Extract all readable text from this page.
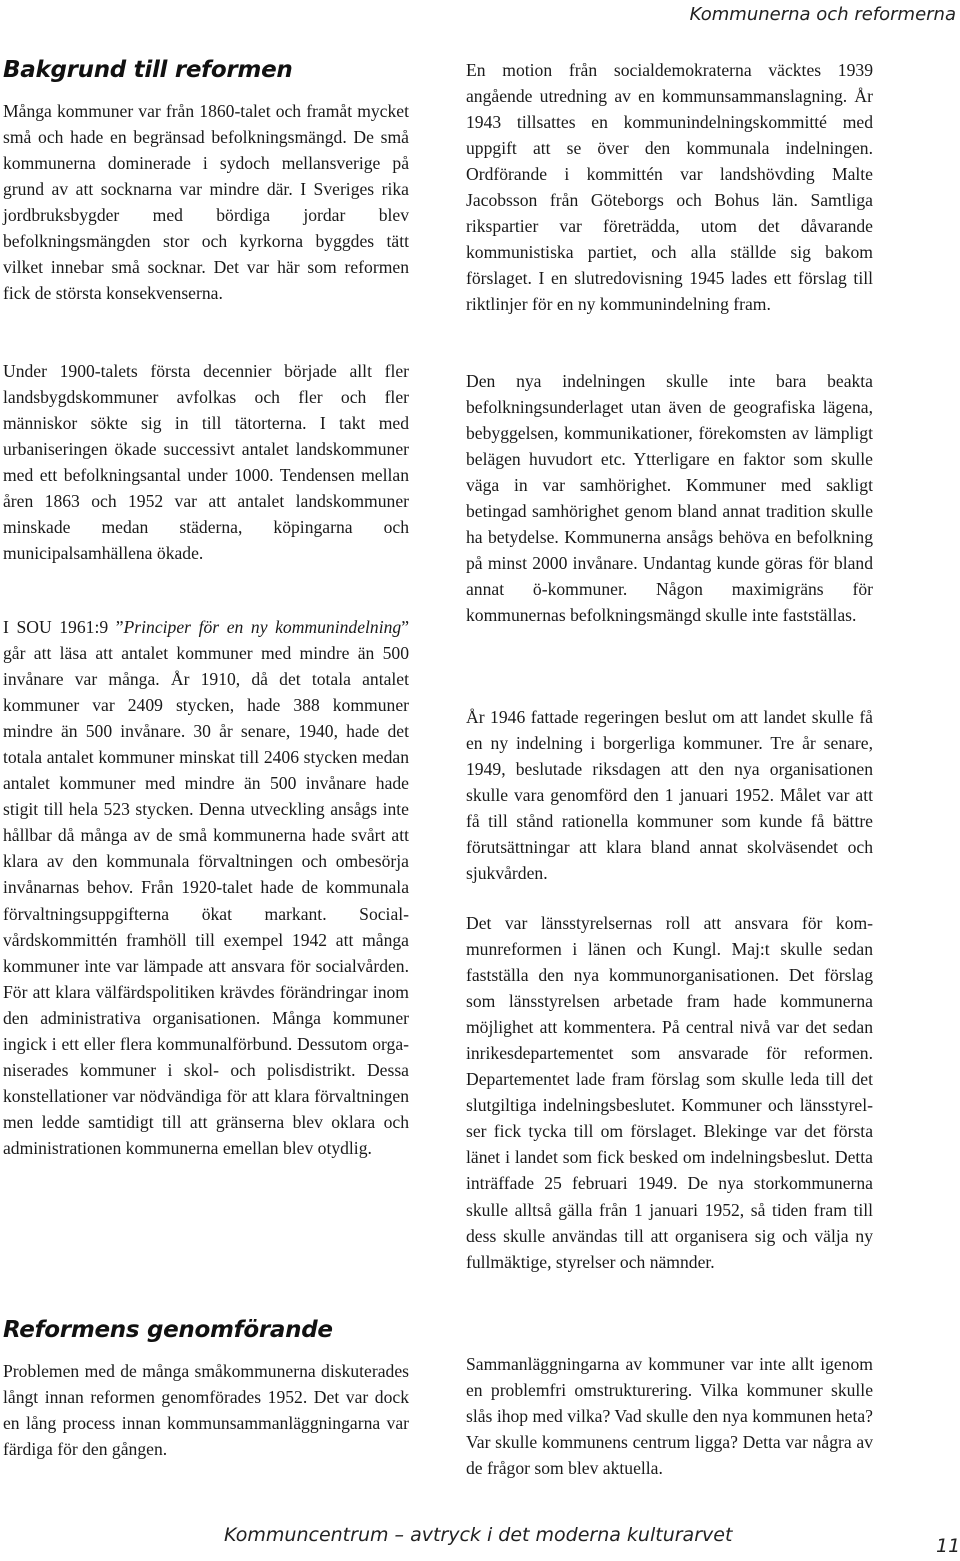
Kommunerna och reformerna
Bakgrund till reformen

Många kommuner var från 1860-talet och framåt mycket små och hade en begränsad befolkningsmängd. De små kommunerna dominerade i sydoch mellansverige på grund av att socknarna var mindre där. I Sveriges rika jordbruksbygder med bördiga jordar blev befolkningsmängden stor och kyrkorna byggdes tätt vilket innebar små socknar. Det var här som reformen fick de största konsekvenserna.

Under 1900-talets första decennier började allt fler landsbygdskommuner avfolkas och fler och fler människor sökte sig in till tätorterna. I takt med urbaniseringen ökade successivt antalet landskommuner med ett befolkningsantal under 1000. Tendensen mellan åren 1863 och 1952 var att antalet landskommuner minskade medan städerna, köpingarna och municipalsamhällena ökade.

I SOU 1961:9 ”Principer för en ny kommunindelning” går att läsa att antalet kommuner med mindre än 500 invånare var många. År 1910, då det totala antalet kommuner var 2409 stycken, hade 388 kommuner mindre än 500 invånare. 30 år senare, 1940, hade det totala antalet kommuner minskat till 2406 stycken medan antalet kommuner med mindre än 500 invånare hade stigit till hela 523 stycken. Denna utveckling ansågs inte hållbar då många av de små kommunerna hade svårt att klara av den kommunala förvaltningen och ombesörja invånarnas behov. Från 1920-talet hade de kommunala förvaltningsuppgifterna ökat markant. Socialvårdskommittén framhöll till exempel 1942 att många kommuner inte var lämpade att ansvara för socialvården. För att klara välfärdspolitiken krävdes förändringar inom den administrativa organisationen. Många kommuner ingick i ett eller flera kommunalförbund. Dessutom organiserades kommuner i skol- och polisdistrikt. Dessa konstellationer var nödvändiga för att klara förvaltningen men ledde samtidigt till att gränserna blev oklara och administrationen kommunerna emellan blev otydlig.

Reformens genomförande

Problemen med de många småkommunerna diskuterades långt innan reformen genomförades 1952. Det var dock en lång process innan kommunsammanläggningarna var färdiga för den gången.

En motion från socialdemokraterna väcktes 1939 angående utredning av en kommunsammanslagning. År 1943 tillsattes en kommunindelningskommitté med uppgift att se över den kommunala indelningen. Ordförande i kommittén var landshövding Malte Jacobsson från Göteborgs och Bohus län. Samtliga rikspartier var företrädda, utom det dåvarande kommunistiska partiet, och alla ställde sig bakom förslaget. I en slutredovisning 1945 lades ett förslag till riktlinjer för en ny kommunindelning fram.

Den nya indelningen skulle inte bara beakta befolkningsunderlaget utan även de geografiska lägena, bebyggelsen, kommunikationer, förekomsten av lämpligt belägen huvudort etc. Ytterligare en faktor som skulle väga in var samhörighet. Kommuner med sakligt betingad samhörighet genom bland annat tradition skulle ha betydelse. Kommunerna ansågs behöva en befolkning på minst 2000 invånare. Undantag kunde göras för bland annat ö-kommuner. Någon maximigräns för kommunernas befolkningsmängd skulle inte fastställas.

År 1946 fattade regeringen beslut om att landet skulle få en ny indelning i borgerliga kommuner. Tre år senare, 1949, beslutade riksdagen att den nya organisationen skulle vara genomförd den 1 januari 1952. Målet var att få till stånd rationella kommuner som kunde få bättre förutsättningar att klara bland annat skolväsendet och sjukvården.

Det var länsstyrelsernas roll att ansvara för kommunreformen i länen och Kungl. Maj:t skulle sedan fastställa den nya kommunorganisationen. Det förslag som länsstyrelsen arbetade fram hade kommunerna möjlighet att kommentera. På central nivå var det sedan inrikesdepartementet som ansvarade för reformen. Departementet lade fram förslag som skulle leda till det slutgiltiga indelningsbeslutet. Kommuner och länsstyrelser fick tycka till om förslaget. Blekinge var det första länet i landet som fick besked om indelningsbeslut. Detta inträffade 25 februari 1949. De nya storkommunerna skulle alltså gälla från 1 januari 1952, så tiden fram till dess skulle användas till att organisera sig och välja ny fullmäktige, styrelser och nämnder.

Sammanläggningarna av kommuner var inte allt igenom en problemfri omstrukturering. Vilka kommuner skulle slås ihop med vilka? Vad skulle den nya kommunen heta? Var skulle kommunens centrum ligga? Detta var några av de frågor som blev aktuella.

Kommuncentrum – avtryck i det moderna kulturarvet	11
